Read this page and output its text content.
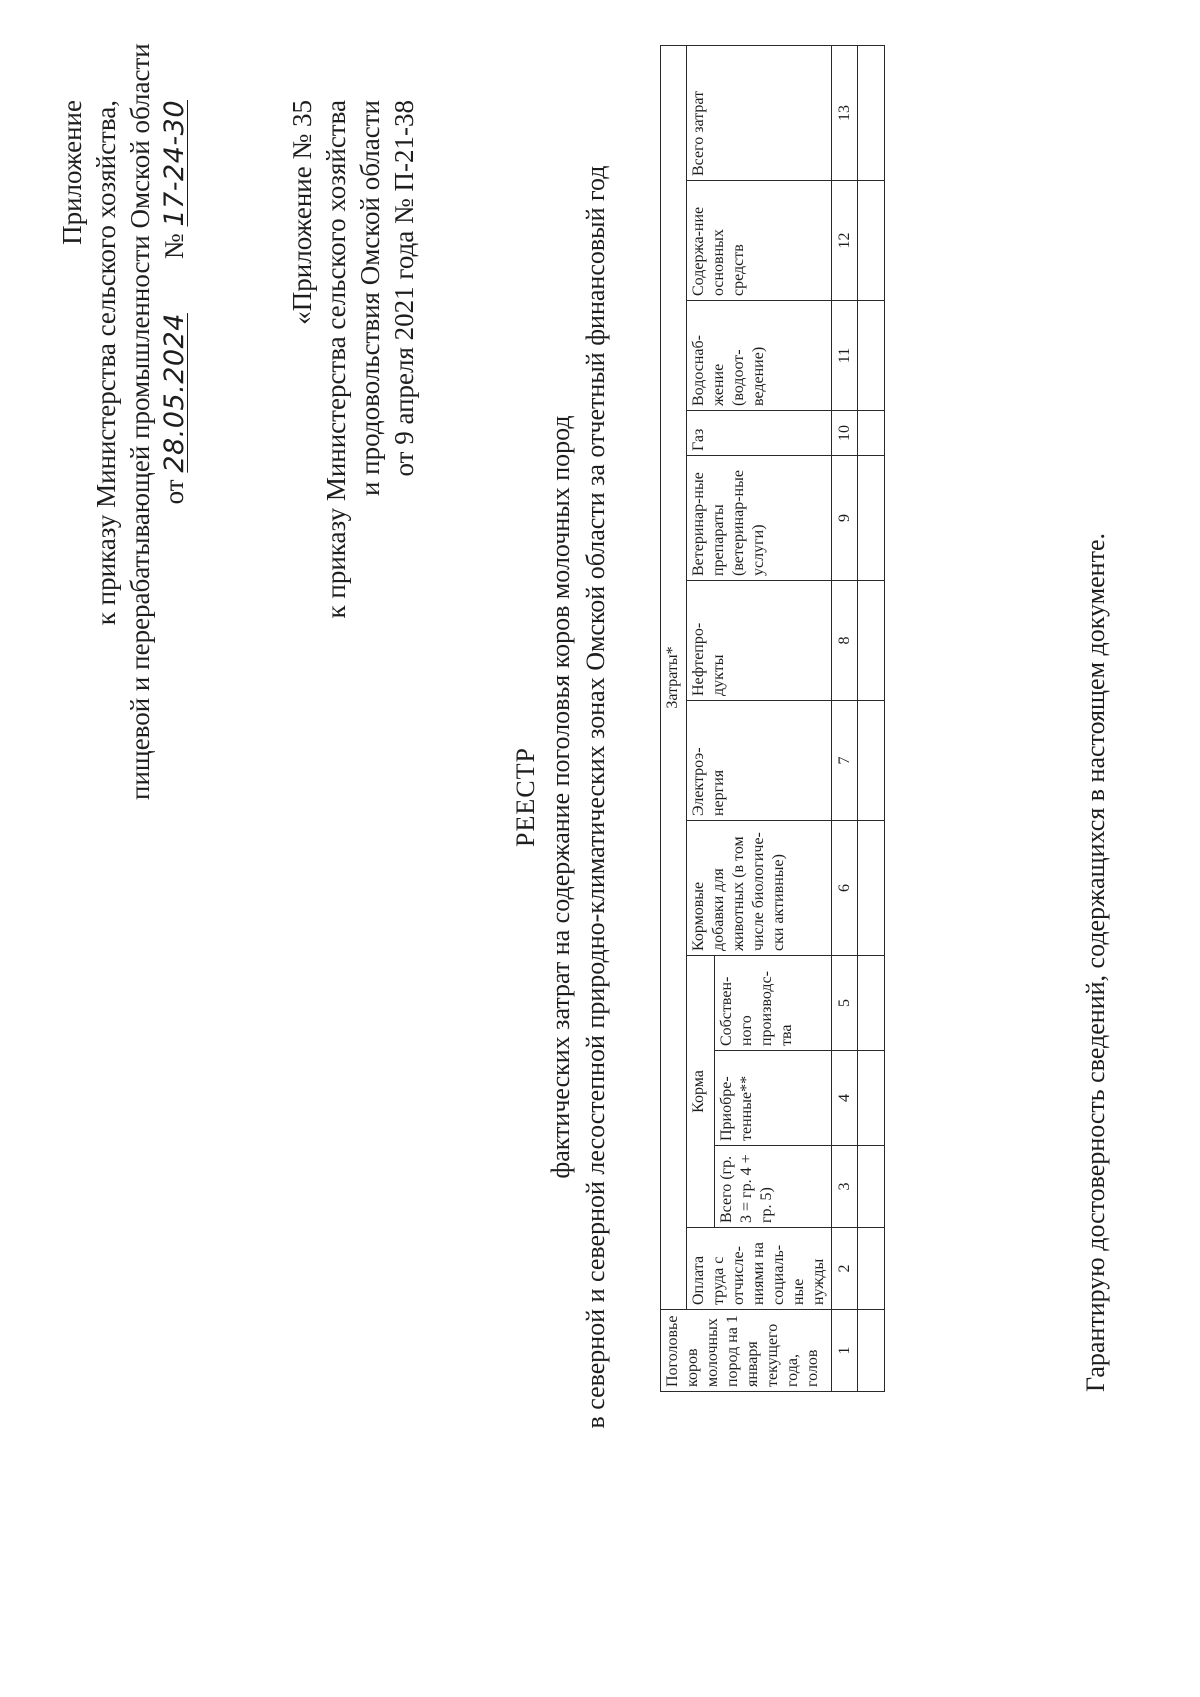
Приложение к приказу Министерства сельского хозяйства, пищевой и перерабатывающей промышленности Омской области от 28.05.2024        № 17-24-30	«Приложение № 35 к приказу Министерства сельского хозяйства и продовольствия Омской области от 9 апреля 2021 года № П-21-38
РЕЕСТР фактических затрат на содержание поголовья коров молочных пород в северной и северной лесостепной природно-климатических зонах Омской области за отчетный финансовый год	Поголовье коров молочных пород на 1 января текущего года, голов	Затраты*											
	Оплата труда с отчисле-ниями на социаль-ные нужды	Корма			Кормовые добавки для животных (в том числе биологиче-ски активные)	Электроэ-нергия	Нефтепро-дукты	Ветеринар-ные препараты (ветеринар-ные услуги)	Газ	Водоснаб-жение (водоот-ведение)	Содержа-ние основных средств	Всего затрат
		Всего (гр. 3 = гр. 4 + гр. 5)	Приобре-тенные**	Собствен-ного производс-тва								
1	2	3	4	5	6	7	8	9	10	11	12	13

Гарантирую достоверность сведений, содержащихся в настоящем документе.
